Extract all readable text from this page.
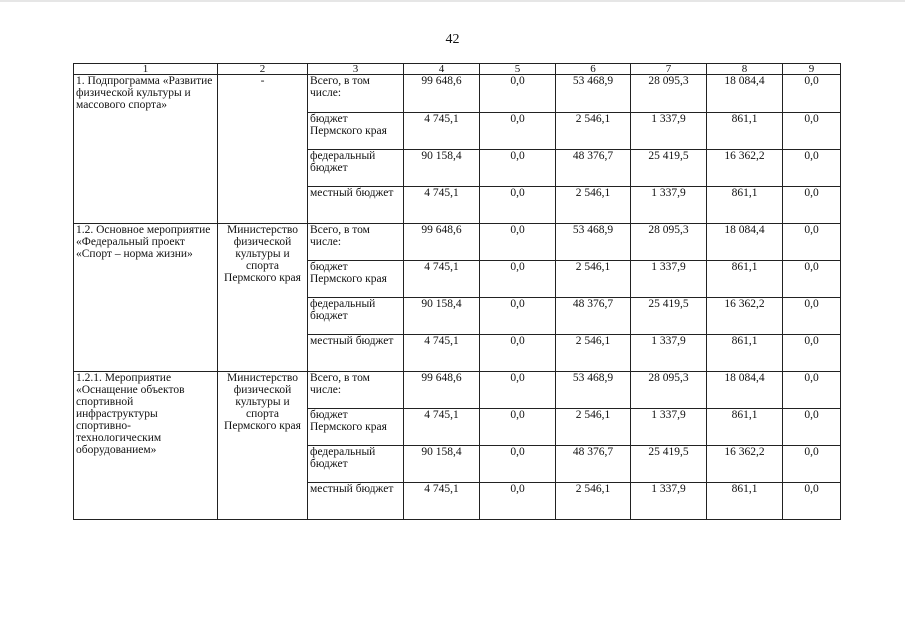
42
1	2	3	4	5	6	7	8	9
1. Подпрограмма «Развитие физической культуры и массового спорта»	-	Всего, в том числе:	99 648,6	0,0	53 468,9	28 095,3	18 084,4	0,0
		бюджет Пермского края	4 745,1	0,0	2 546,1	1 337,9	861,1	0,0
		федеральный бюджет	90 158,4	0,0	48 376,7	25 419,5	16 362,2	0,0
		местный бюджет	4 745,1	0,0	2 546,1	1 337,9	861,1	0,0
1.2. Основное мероприятие «Федеральный проект «Спорт – норма жизни»	Министерство физической культуры и спорта Пермского края	Всего, в том числе:	99 648,6	0,0	53 468,9	28 095,3	18 084,4	0,0
		бюджет Пермского края	4 745,1	0,0	2 546,1	1 337,9	861,1	0,0
		федеральный бюджет	90 158,4	0,0	48 376,7	25 419,5	16 362,2	0,0
		местный бюджет	4 745,1	0,0	2 546,1	1 337,9	861,1	0,0
1.2.1. Мероприятие «Оснащение объектов спортивной инфраструктуры спортивно-технологическим оборудованием»	Министерство физической культуры и спорта Пермского края	Всего, в том числе:	99 648,6	0,0	53 468,9	28 095,3	18 084,4	0,0
		бюджет Пермского края	4 745,1	0,0	2 546,1	1 337,9	861,1	0,0
		федеральный бюджет	90 158,4	0,0	48 376,7	25 419,5	16 362,2	0,0
		местный бюджет	4 745,1	0,0	2 546,1	1 337,9	861,1	0,0
